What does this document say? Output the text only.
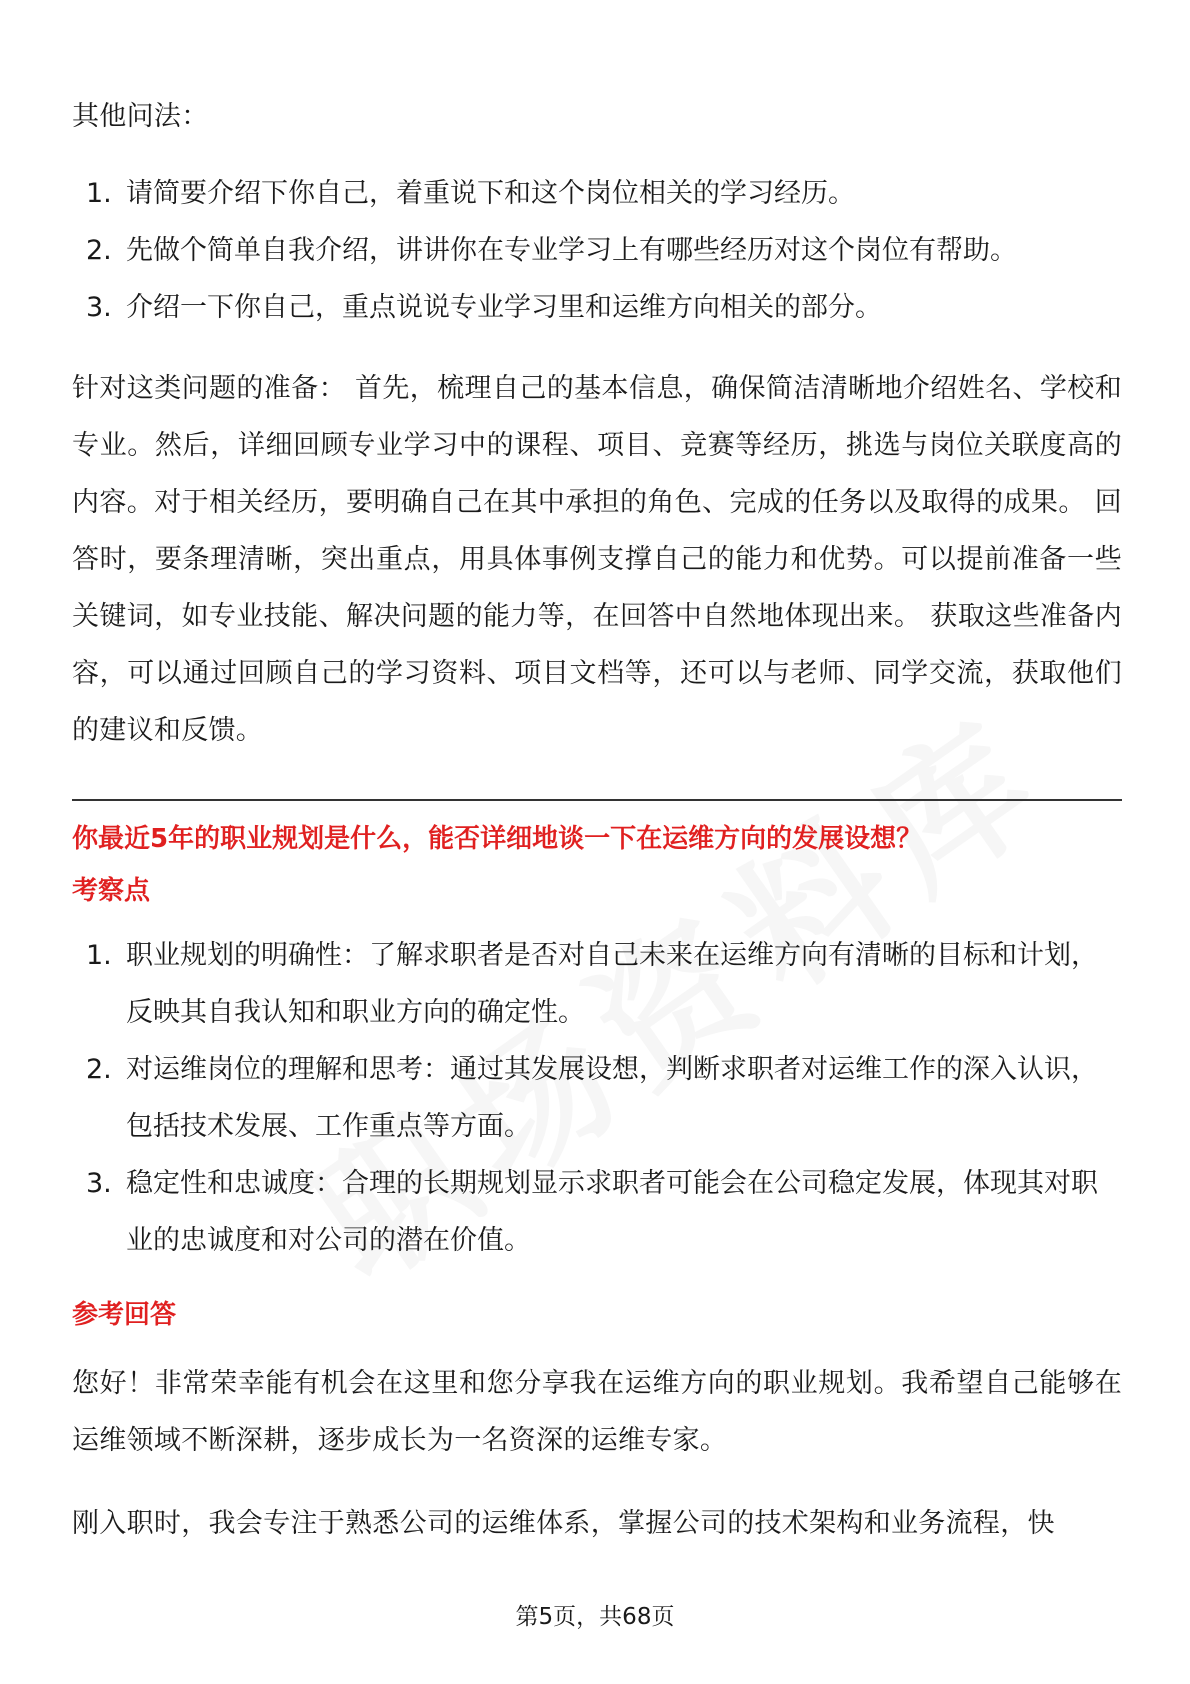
其他问法：

1. 请简要介绍下你自己，着重说下和这个岗位相关的学习经历。
2. 先做个简单自我介绍，讲讲你在专业学习上有哪些经历对这个岗位有帮助。
3. 介绍一下你自己，重点说说专业学习里和运维方向相关的部分。

针对这类问题的准备： 首先，梳理自己的基本信息，确保简洁清晰地介绍姓名、学校和专业。然后，详细回顾专业学习中的课程、项目、竞赛等经历，挑选与岗位关联度高的内容。对于相关经历，要明确自己在其中承担的角色、完成的任务以及取得的成果。 回答时，要条理清晰，突出重点，用具体事例支撑自己的能力和优势。可以提前准备一些关键词，如专业技能、解决问题的能力等，在回答中自然地体现出来。 获取这些准备内容，可以通过回顾自己的学习资料、项目文档等，还可以与老师、同学交流，获取他们的建议和反馈。

你最近5年的职业规划是什么，能否详细地谈一下在运维方向的发展设想？

考察点

1. 职业规划的明确性：了解求职者是否对自己未来在运维方向有清晰的目标和计划，反映其自我认知和职业方向的确定性。
2. 对运维岗位的理解和思考：通过其发展设想，判断求职者对运维工作的深入认识，包括技术发展、工作重点等方面。
3. 稳定性和忠诚度：合理的长期规划显示求职者可能会在公司稳定发展，体现其对职业的忠诚度和对公司的潜在价值。

参考回答

您好！非常荣幸能有机会在这里和您分享我在运维方向的职业规划。我希望自己能够在运维领域不断深耕，逐步成长为一名资深的运维专家。

刚入职时，我会专注于熟悉公司的运维体系，掌握公司的技术架构和业务流程，快

第5页，共68页
